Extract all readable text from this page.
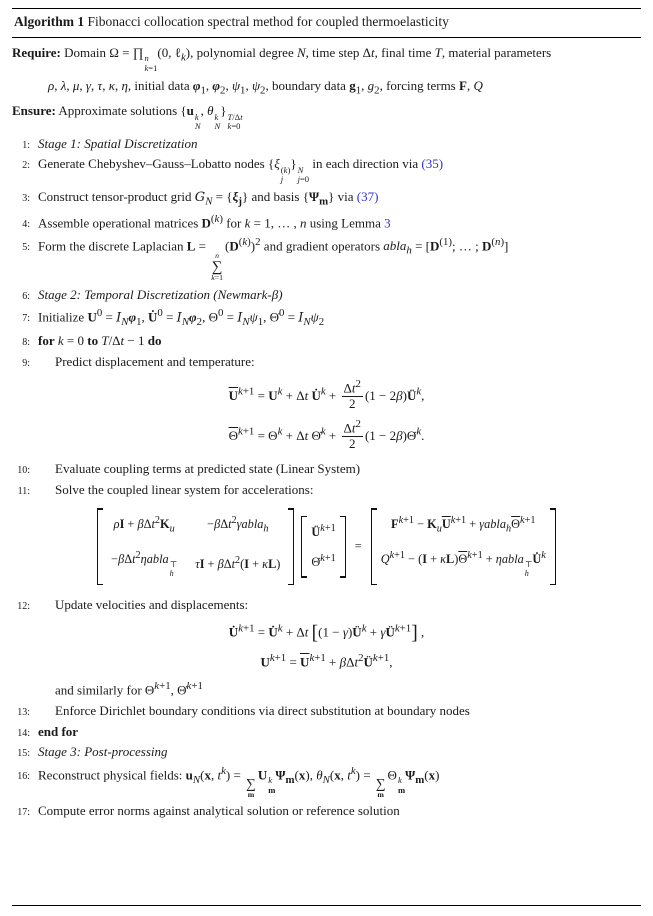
Algorithm 1 Fibonacci collocation spectral method for coupled thermoelasticity
Require: Domain Ω = ∏ n
k=1
(0, ℓ$_k$), polynomial degree N, time step Δt, final time T, material parameters
ρ, λ, μ, γ, τ, κ, η, initial data $\varphi_1$, $\varphi_2$, $\psi_1$, $\psi_2$, boundary data $g_1$, $g_2$, forcing terms F, Q
Ensure: Approximate solutions {u k
N
, θ k
N
} T/Δt
k=0
1: Stage 1: Spatial Discretization
2: Generate Chebyshev–Gauss–Lobatto nodes {ξ (k)
j
} N
j=0
in each direction via (35)
3: Construct tensor-product grid $G_N = \{\xi_j\}$ and basis $\{\Psi_m\}$ via (37)
4: Assemble operational matrices $D^{(k)}$ for k = 1, … , n using Lemma 3
5: Form the discrete Laplacian L =
n
∑
k=1
$(D^{(k)})^2$ and gradient operators abla$_h$ = [$D^{(1)}$; … ; $D^{(n)}$]
6: Stage 2: Temporal Discretization (Newmark-β)
7: Initialize $U^0 = I_N\varphi_1$, U̇$^0$ = $I_N\varphi_2$, $\Theta^0 = I_N\psi_1$, Θ̇$^0$ = $I_N\psi_2$
8: for k = 0 to T/Δt − 1 do
9:	Predict displacement and temperature:
$\overline{U}^{k+1} = U^k + \Delta t$ U̇$^k$ + $\frac{\Delta t^2}{2} (1$ − $2\beta)Ü^k$,
$\overline{\Theta}^{k+1} = \Theta^k + \Delta t$ Θ̇$^k$ + $\frac{\Delta t^2}{2} (1$ − 2β)Θ̈$^k$.
10:	Evaluate coupling terms at predicted state (Linear System)
11:	Solve the coupled linear system for accelerations:
$\rho I + \beta\Delta t^2K_u$	−βΔt$^2$γabla$_h$
−βΔt$^2$ηabla ⊤
h
τI + βΔt$^2$(I + κL)
$Ü^{k+1}$
Θ̈$^{k+1}$
=
$F^{k+1} - K_u\overline{U}^{k+1}$ + $\gamma abla_h\overline{\Theta}^{k+1}$
$Q^{k+1} - (I + \kappa L)\overline{\Theta}^{k+1}$ + ηabla ⊤
h
U̇$^k$
12:	Update velocities and displacements:
U̇$^{k+1}$ = U̇$^k$ + Δt [$(1 - \gamma)Ü^k$ + $\gamma Ü^{k+1}$] ,
$U^{k+1} = \overline{U}^{k+1}$ + $\beta\Delta t^2Ü^{k+1}$,
and similarly for $\Theta^{k+1}$, Θ̇$^{k+1}$
13:	Enforce Dirichlet boundary conditions via direct substitution at boundary nodes
14: end for
15: Stage 3: Post-processing
16: Reconstruct physical fields: $u_N(x$, $t^k$) =
∑
m
U k
m
$\Psi_m(x)$, $\theta_N(x$, $t^k$) =
∑
m
Θ k
m
$\Psi_m(x)$
17: Compute error norms against analytical solution or reference solution
